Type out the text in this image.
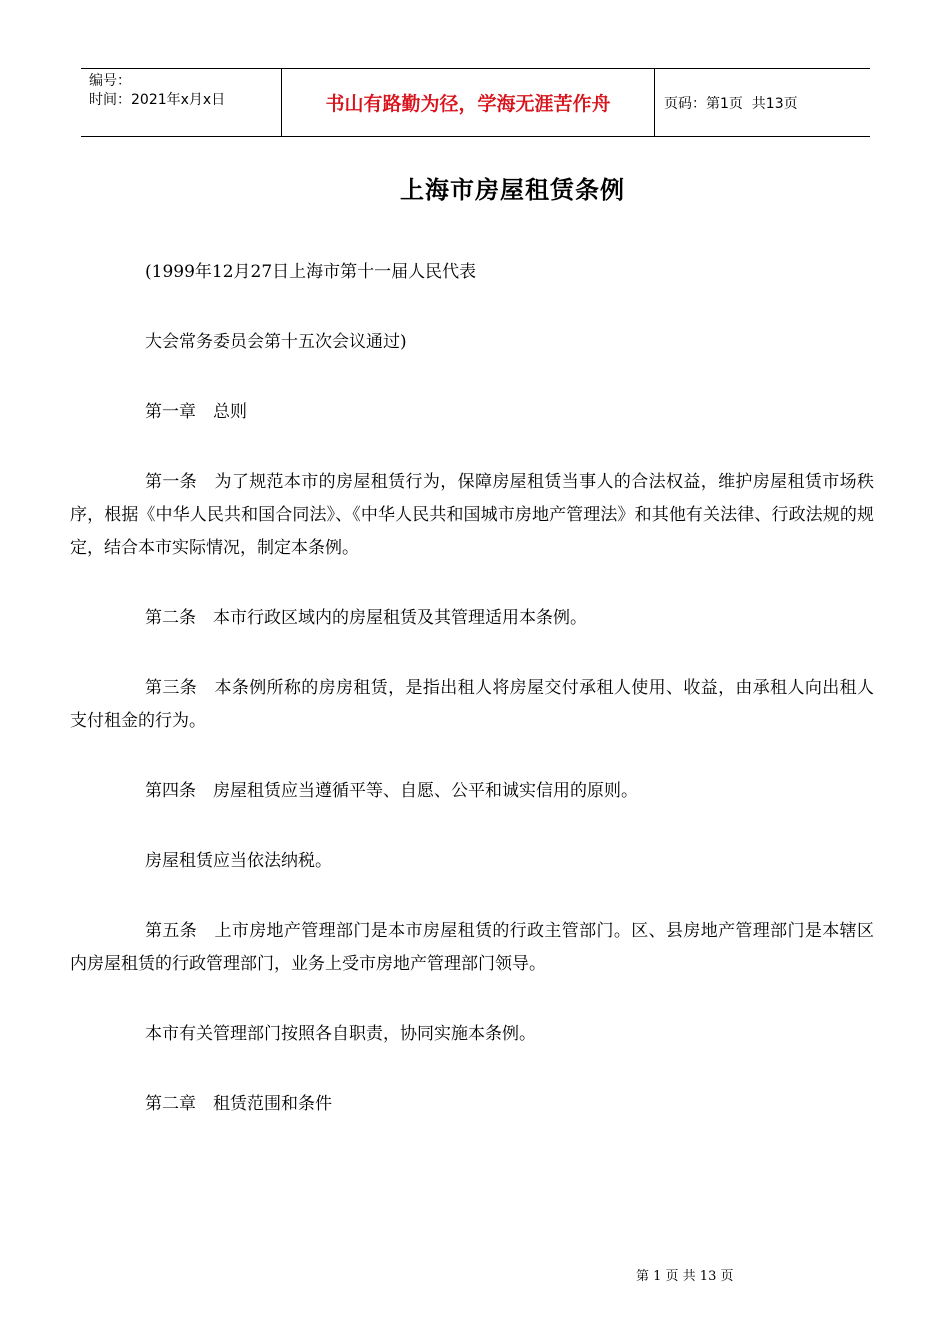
编号：
时间：2021年x月x日	书山有路勤为径，学海无涯苦作舟	页码：第1页  共13页
上海市房屋租赁条例

(1999年12月27日上海市第十一届人民代表

大会常务委员会第十五次会议通过)

第一章　总则

第一条　为了规范本市的房屋租赁行为，保障房屋租赁当事人的合法权益，维护房屋租赁市场秩序，根据《中华人民共和国合同法》、《中华人民共和国城市房地产管理法》和其他有关法律、行政法规的规定，结合本市实际情况，制定本条例。

第二条　本市行政区域内的房屋租赁及其管理适用本条例。

第三条　本条例所称的房房租赁，是指出租人将房屋交付承租人使用、收益，由承租人向出租人支付租金的行为。

第四条　房屋租赁应当遵循平等、自愿、公平和诚实信用的原则。

房屋租赁应当依法纳税。

第五条　上市房地产管理部门是本市房屋租赁的行政主管部门。区、县房地产管理部门是本辖区内房屋租赁的行政管理部门，业务上受市房地产管理部门领导。

本市有关管理部门按照各自职责，协同实施本条例。

第二章　租赁范围和条件

第 1 页 共 13 页
